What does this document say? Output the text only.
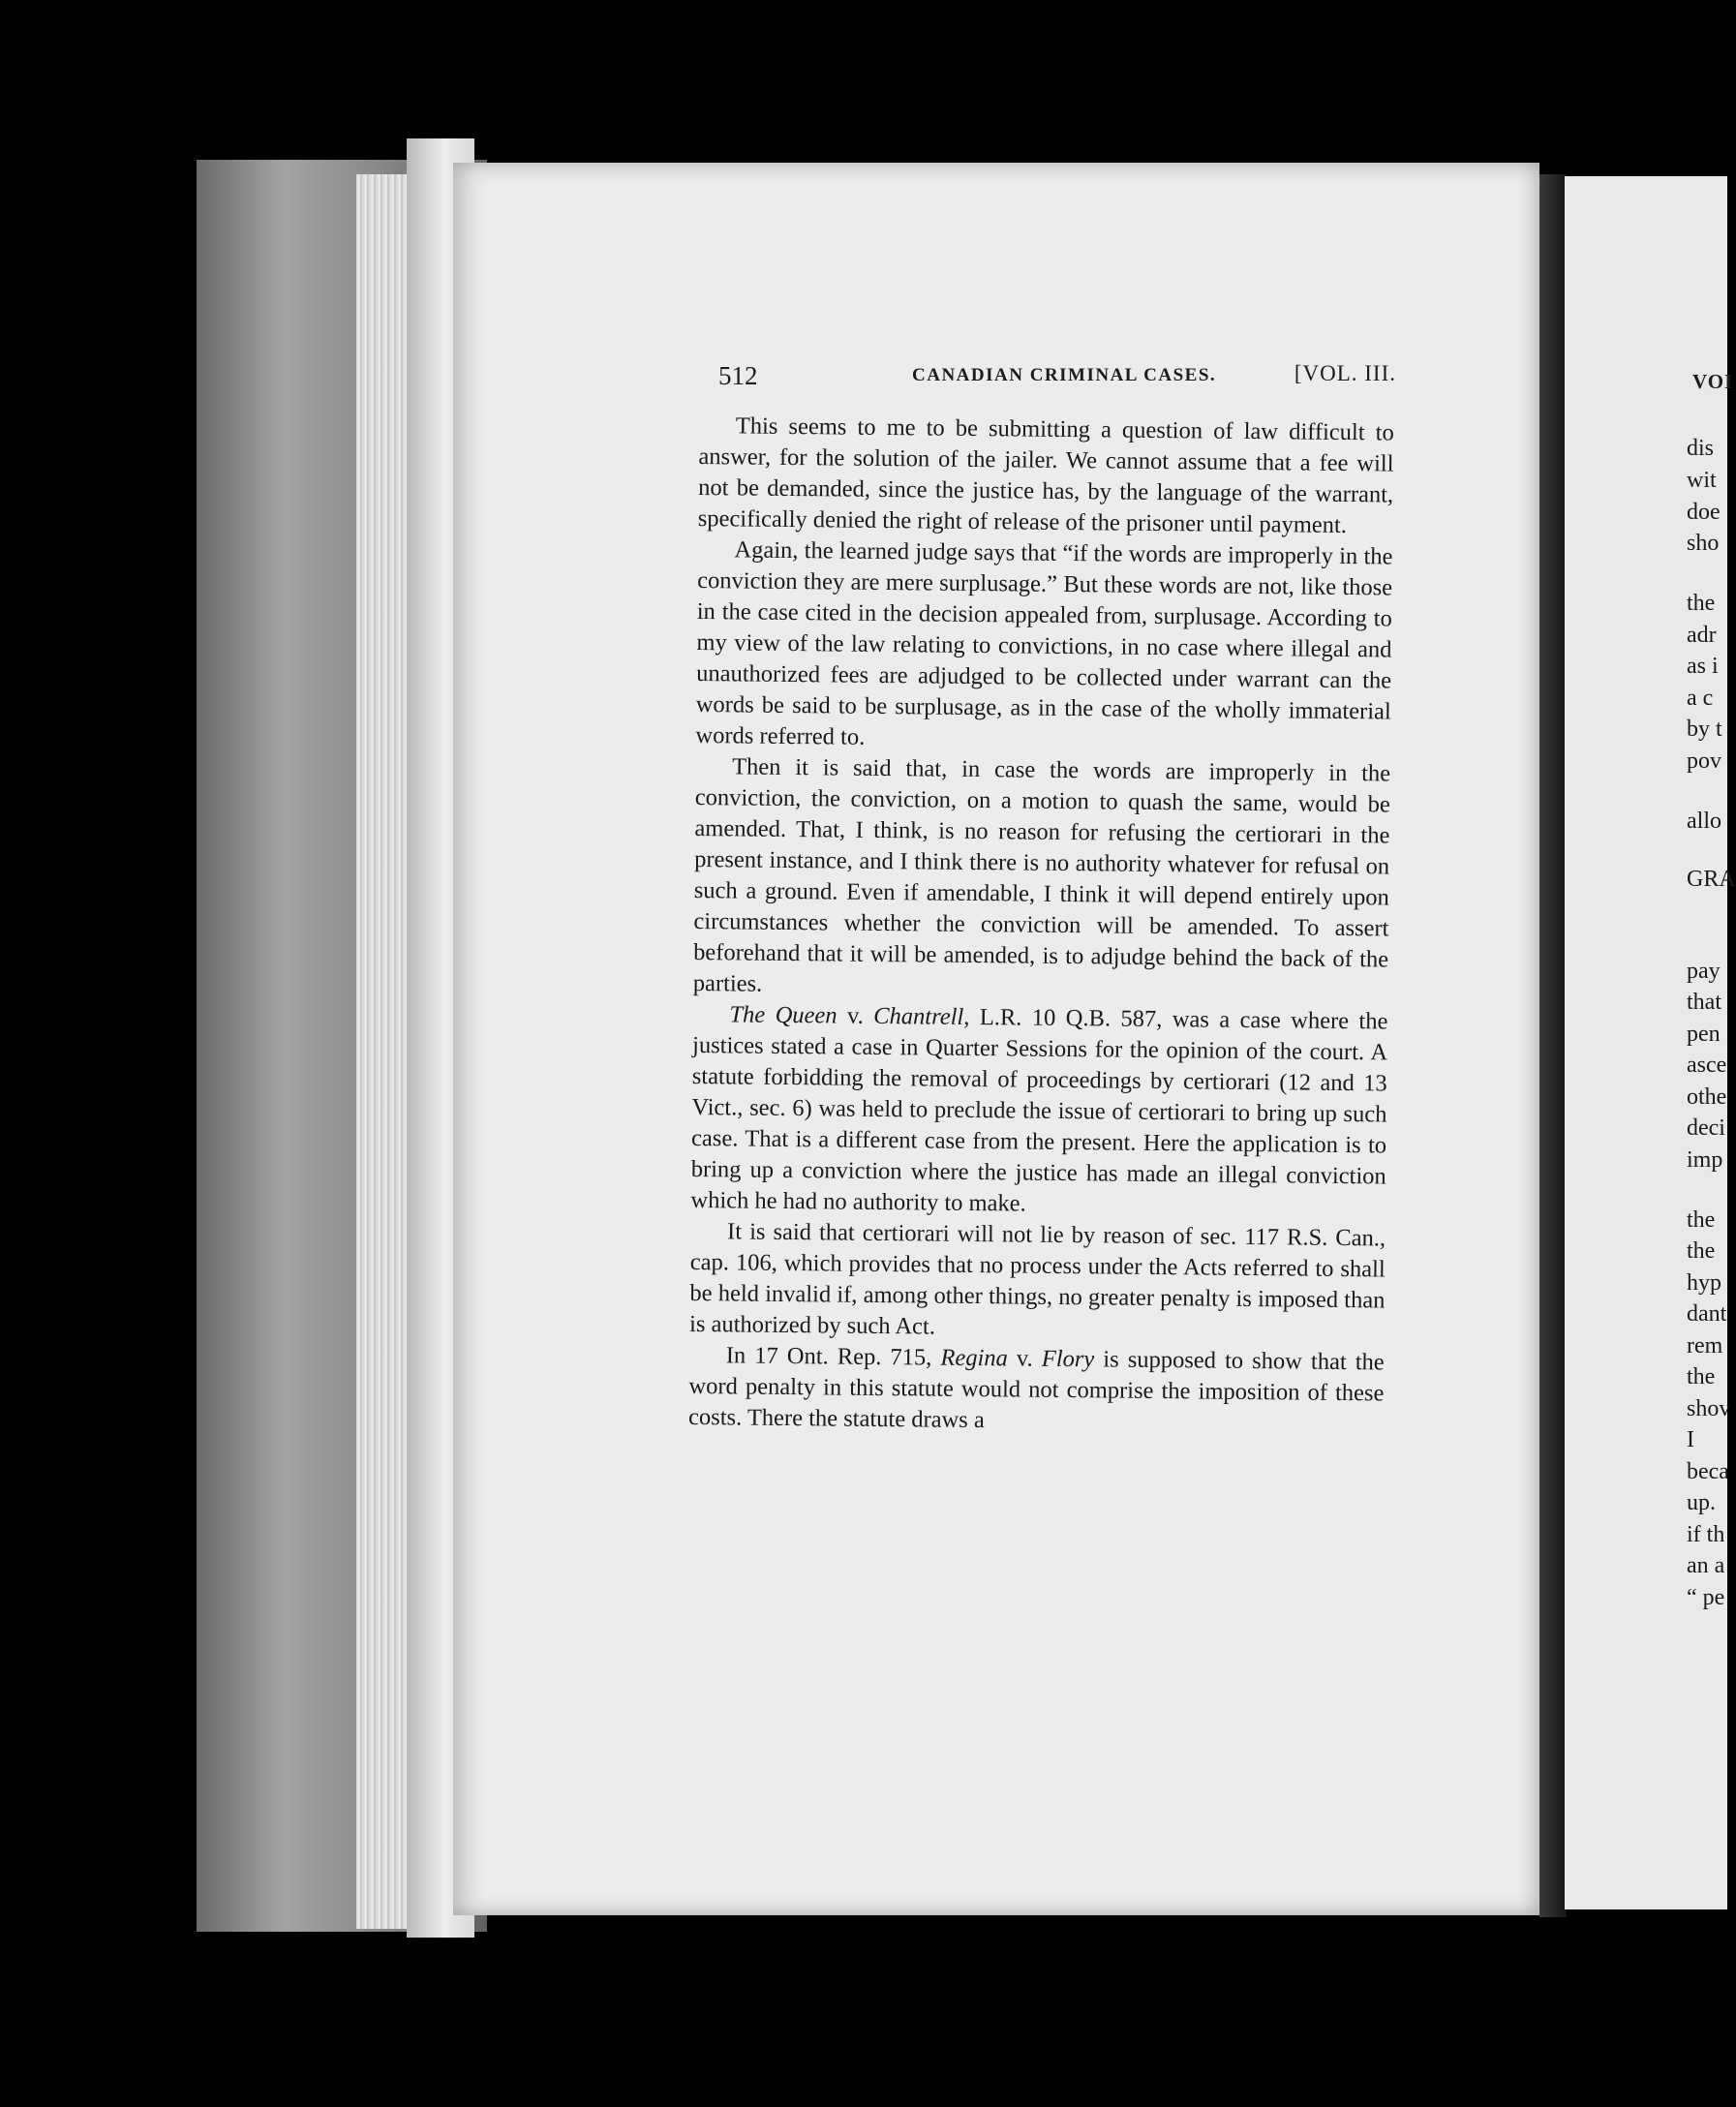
VOI
dis
wit
doe
sho
the
adr
as i
a c
by t
pov
allo
GRA
pay
that
pen
asce
othe
deci
imp
the
the
hyp
dant
rem
the
shov
I
beca
up.
if th
an a
“ pe
512	CANADIAN CRIMINAL CASES.	[VOL. III.

This seems to me to be submitting a question of law difficult to answer, for the solution of the jailer. We cannot assume that a fee will not be demanded, since the justice has, by the language of the warrant, specifically denied the right of release of the prisoner until payment.

Again, the learned judge says that “if the words are improperly in the conviction they are mere surplusage.” But these words are not, like those in the case cited in the decision appealed from, surplusage. According to my view of the law relating to convictions, in no case where illegal and unauthorized fees are adjudged to be collected under warrant can the words be said to be surplusage, as in the case of the wholly immaterial words referred to.

Then it is said that, in case the words are improperly in the conviction, the conviction, on a motion to quash the same, would be amended. That, I think, is no reason for refusing the certiorari in the present instance, and I think there is no authority whatever for refusal on such a ground. Even if amendable, I think it will depend entirely upon circumstances whether the conviction will be amended. To assert beforehand that it will be amended, is to adjudge behind the back of the parties.

The Queen v. Chantrell, L.R. 10 Q.B. 587, was a case where the justices stated a case in Quarter Sessions for the opinion of the court. A statute forbidding the removal of proceedings by certiorari (12 and 13 Vict., sec. 6) was held to preclude the issue of certiorari to bring up such case. That is a different case from the present. Here the application is to bring up a conviction where the justice has made an illegal conviction which he had no authority to make.

It is said that certiorari will not lie by reason of sec. 117 R.S. Can., cap. 106, which provides that no process under the Acts referred to shall be held invalid if, among other things, no greater penalty is imposed than is authorized by such Act.

In 17 Ont. Rep. 715, Regina v. Flory is supposed to show that the word penalty in this statute would not comprise the imposition of these costs. There the statute draws a
